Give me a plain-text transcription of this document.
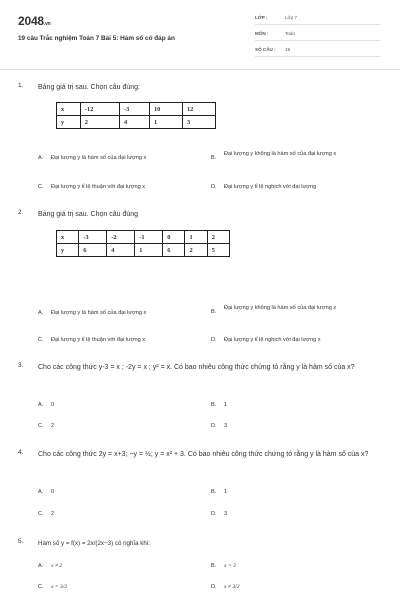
2048.vn
19 câu Trắc nghiệm Toán 7 Bài 5: Hàm số có đáp án
LỚP :	Lớp 7
MÔN :	Toán
SỐ CÂU : 19
1. Bảng giá trị sau. Chọn câu đúng:
x	-12	-3	10	12
y	2	4	1	3
A. Đại lượng y là hàm số của đại lượng x	B.Đại lượng y không là hàm số của đại lượng x
C. Đại lượng y tỉ lệ thuận với đại lượng x	D. Đại lượng y tỉ lệ nghịch với đại lượng
2. Bảng giá trị sau. Chọn câu đúng
x	-3	-2	-1	0	1	2
y	6	4	1	6	2	5
A. Đại lượng y là hàm số của đại lượng x	B.Đại lượng y không là hàm số của đại lượng x
C. Đại lượng y tỉ lệ thuận với đại lượng x	D. Đại lượng y tỉ lệ nghịch với đại lượng x
3. Cho các công thức y-3 = x ; -2y = x ; y² = x. Có bao nhiêu công thức chứng tỏ rằng y là hàm số của x?
A. 0	B. 1
C. 2	D. 3
4. Cho các công thức 2y = x+3; −y = ½; y = x² + 3. Có bao nhiêu công thức chứng tỏ rằng y là hàm số của x?
A. 0	B. 1
C. 2	D. 3
5. Hàm số y = f(x) = 2x/(2x−3) có nghĩa khi:
A. x ≠ 2	B. x = 3
C. x = 3/2	D. x ≠ 3/2
